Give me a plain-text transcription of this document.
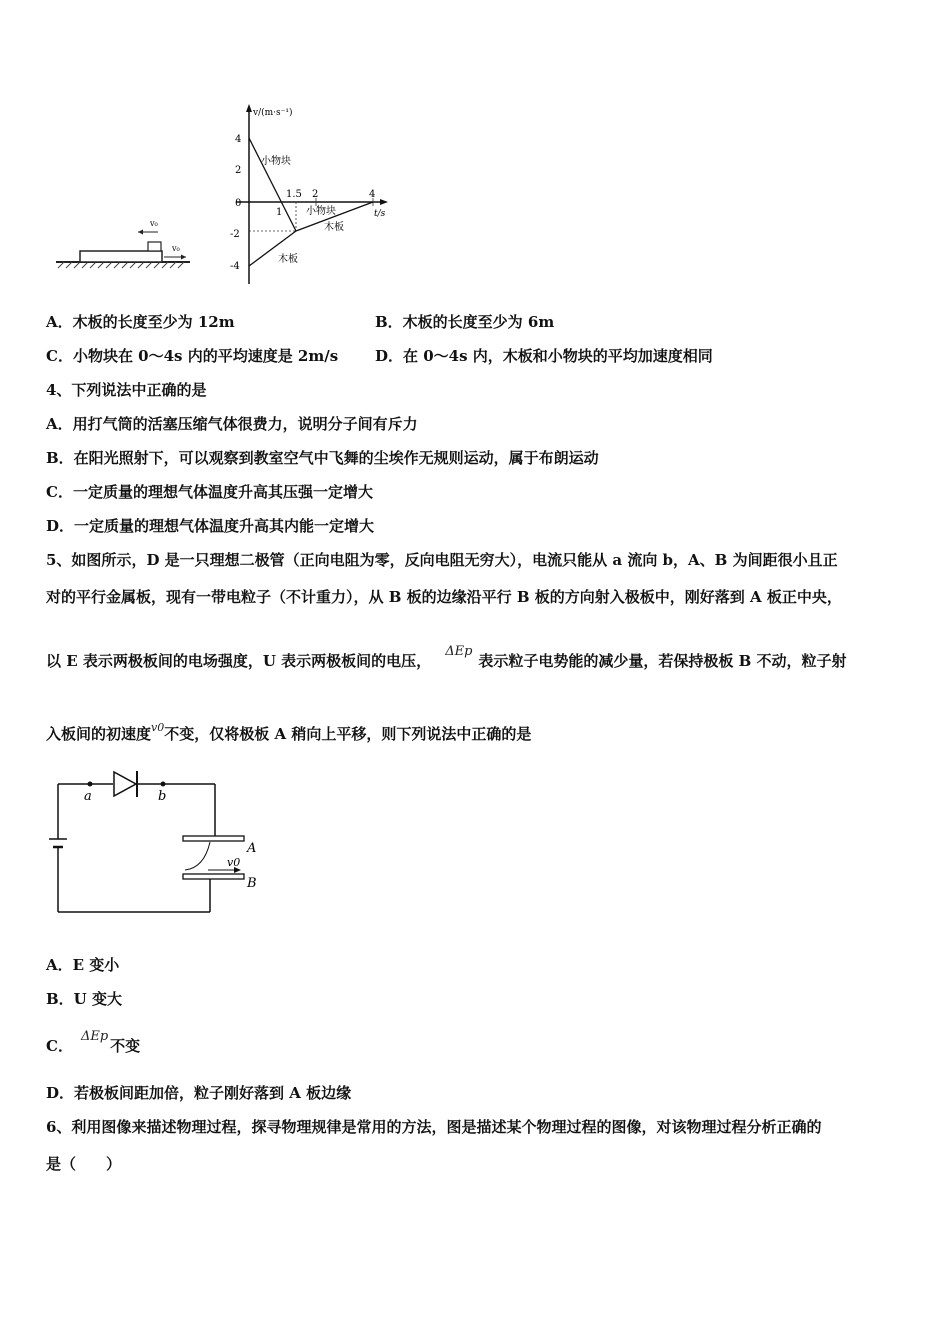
v₀
v₀
v/(m·s⁻¹)
t/s
4
2
0
-2
-4
1
1.5 2	4
小物块
小物块
木板
木板
A．木板的长度至少为 12m	B．木板的长度至少为 6m
C．小物块在 0～4s 内的平均速度是 2m/s D．在 0～4s 内，木板和小物块的平均加速度相同
4、下列说法中正确的是
A．用打气筒的活塞压缩气体很费力，说明分子间有斥力
B．在阳光照射下，可以观察到教室空气中飞舞的尘埃作无规则运动，属于布朗运动
C．一定质量的理想气体温度升高其压强一定增大
D．一定质量的理想气体温度升高其内能一定增大
5、如图所示，D 是一只理想二极管（正向电阻为零，反向电阻无穷大），电流只能从 a 流向 b，A、B 为间距很小且正
对的平行金属板，现有一带电粒子（不计重力），从 B 板的边缘沿平行 B 板的方向射入极板中，刚好落到 A 板正中央，
以 E 表示两极板间的电场强度，U 表示两极板间的电压，ΔEp表示粒子电势能的减少量，若保持极板 B 不动，粒子射
入板间的初速度$^{v0}$不变，仅将极板 A 稍向上平移，则下列说法中正确的是
a	b
v0
A
B
A．E 变小
B．U 变大
C．ΔEp不变
D．若极板间距加倍，粒子刚好落到 A 板边缘
6、利用图像来描述物理过程，探寻物理规律是常用的方法，图是描述某个物理过程的图像，对该物理过程分析正确的
是（　　）
